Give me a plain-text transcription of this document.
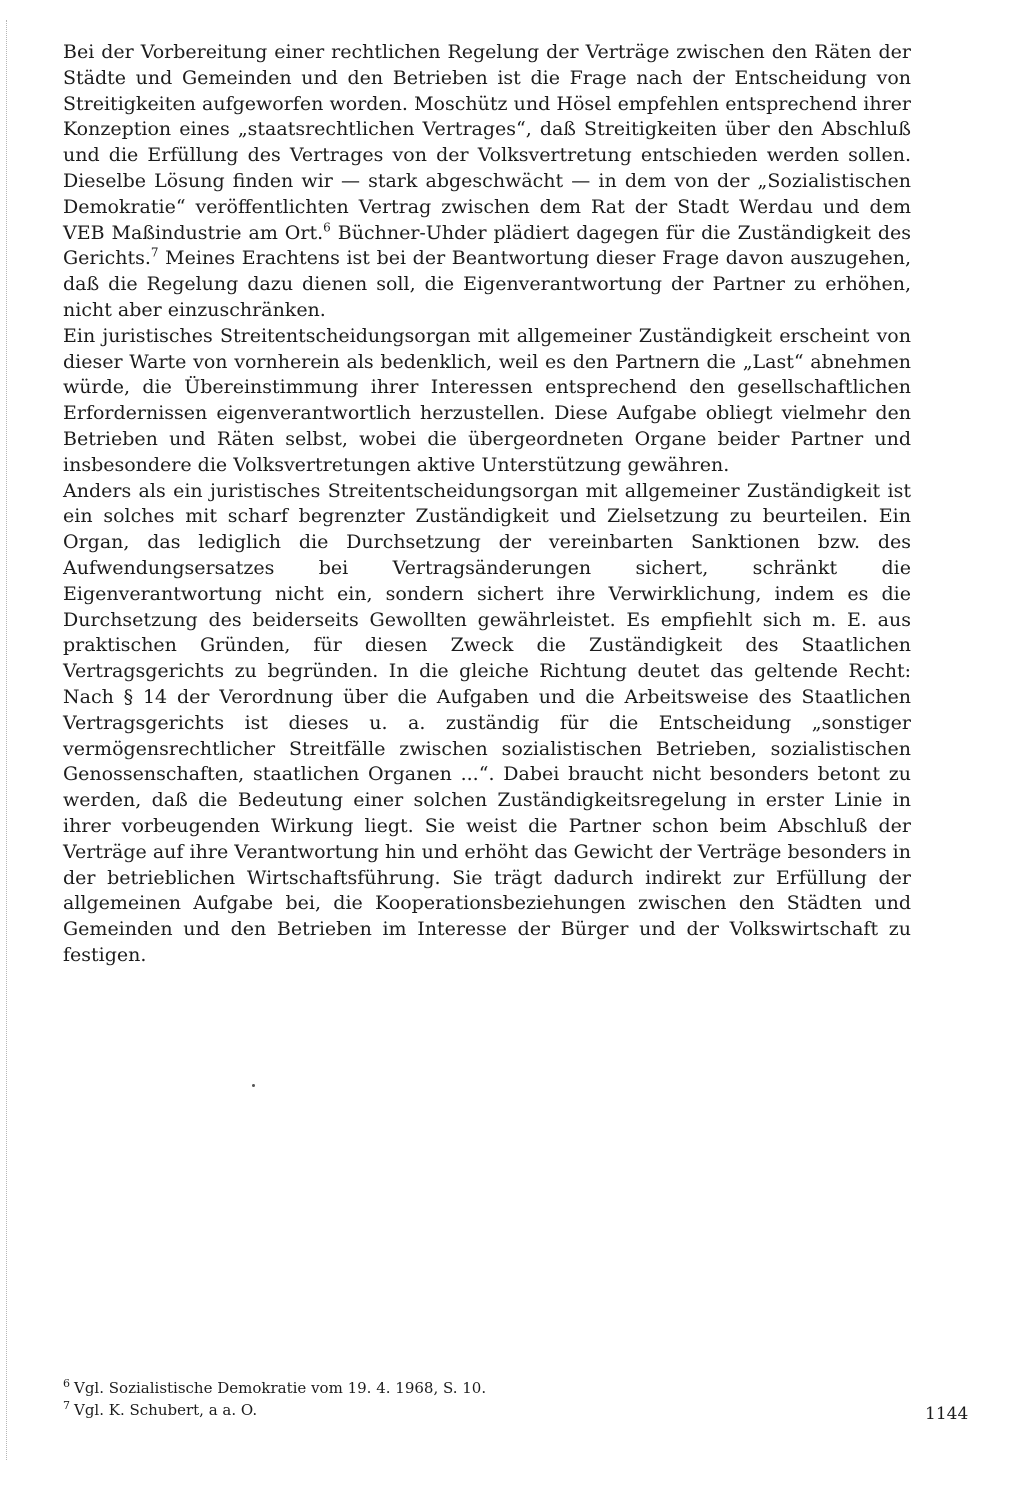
Bei der Vorbereitung einer rechtlichen Regelung der Verträge zwischen den Räten der Städte und Gemeinden und den Betrieben ist die Frage nach der Entscheidung von Streitigkeiten aufgeworfen worden. Moschütz und Hösel empfehlen entsprechend ihrer Konzeption eines „staatsrechtlichen Vertrages“, daß Streitigkeiten über den Abschluß und die Erfüllung des Vertrages von der Volksvertretung entschieden werden sollen. Dieselbe Lösung finden wir — stark abgeschwächt — in dem von der „Sozialistischen Demokratie“ veröffentlichten Vertrag zwischen dem Rat der Stadt Werdau und dem VEB Maßindustrie am Ort.$^6$ Büchner-Uhder plädiert dagegen für die Zuständigkeit des Gerichts.$^7$ Meines Erachtens ist bei der Beantwortung dieser Frage davon auszugehen, daß die Regelung dazu dienen soll, die Eigenverantwortung der Partner zu erhöhen, nicht aber einzuschränken.

Ein juristisches Streitentscheidungsorgan mit allgemeiner Zuständigkeit erscheint von dieser Warte von vornherein als bedenklich, weil es den Partnern die „Last“ abnehmen würde, die Übereinstimmung ihrer Interessen entsprechend den gesellschaftlichen Erfordernissen eigenverantwortlich herzustellen. Diese Aufgabe obliegt vielmehr den Betrieben und Räten selbst, wobei die übergeordneten Organe beider Partner und insbesondere die Volksvertretungen aktive Unterstützung gewähren.

Anders als ein juristisches Streitentscheidungsorgan mit allgemeiner Zuständigkeit ist ein solches mit scharf begrenzter Zuständigkeit und Zielsetzung zu beurteilen. Ein Organ, das lediglich die Durchsetzung der vereinbarten Sanktionen bzw. des Aufwendungsersatzes bei Vertragsänderungen sichert, schränkt die Eigenverantwortung nicht ein, sondern sichert ihre Verwirklichung, indem es die Durchsetzung des beiderseits Gewollten gewährleistet. Es empfiehlt sich m. E. aus praktischen Gründen, für diesen Zweck die Zuständigkeit des Staatlichen Vertragsgerichts zu begründen. In die gleiche Richtung deutet das geltende Recht: Nach § 14 der Verordnung über die Aufgaben und die Arbeitsweise des Staatlichen Vertragsgerichts ist dieses u. a. zuständig für die Entscheidung „sonstiger vermögensrechtlicher Streitfälle zwischen sozialistischen Betrieben, sozialistischen Genossenschaften, staatlichen Organen ...“. Dabei braucht nicht besonders betont zu werden, daß die Bedeutung einer solchen Zuständigkeitsregelung in erster Linie in ihrer vorbeugenden Wirkung liegt. Sie weist die Partner schon beim Abschluß der Verträge auf ihre Verantwortung hin und erhöht das Gewicht der Verträge besonders in der betrieblichen Wirtschaftsführung. Sie trägt dadurch indirekt zur Erfüllung der allgemeinen Aufgabe bei, die Kooperationsbeziehungen zwischen den Städten und Gemeinden und den Betrieben im Interesse der Bürger und der Volkswirtschaft zu festigen.

$^6$ Vgl. Sozialistische Demokratie vom 19. 4. 1968, S. 10.

$^7$ Vgl. K. Schubert, a a. O.	1144
